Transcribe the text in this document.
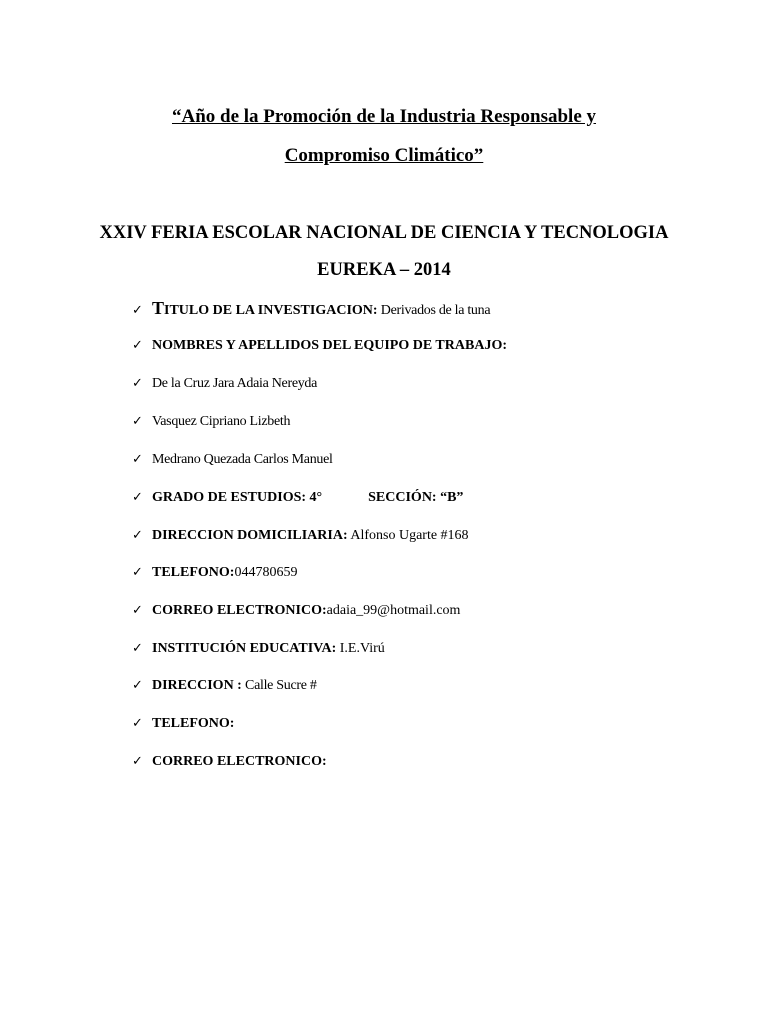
“Año de la Promoción de la Industria Responsable y
Compromiso Climático”
XXIV FERIA ESCOLAR NACIONAL DE CIENCIA Y TECNOLOGIA
EUREKA – 2014
✓ TITULO DE LA INVESTIGACION: Derivados de la tuna
✓ NOMBRES Y APELLIDOS DEL EQUIPO DE TRABAJO:
✓ De la Cruz Jara Adaia Nereyda
✓ Vasquez Cipriano Lizbeth
✓ Medrano Quezada Carlos Manuel
✓ GRADO DE ESTUDIOS: 4°	SECCIÓN: “B”
✓ DIRECCION DOMICILIARIA: Alfonso Ugarte #168
✓ TELEFONO:044780659
✓ CORREO ELECTRONICO:adaia_99@hotmail.com
✓ INSTITUCIÓN EDUCATIVA: I.E.Virú
✓ DIRECCION : Calle Sucre #
✓ TELEFONO:
✓ CORREO ELECTRONICO:
